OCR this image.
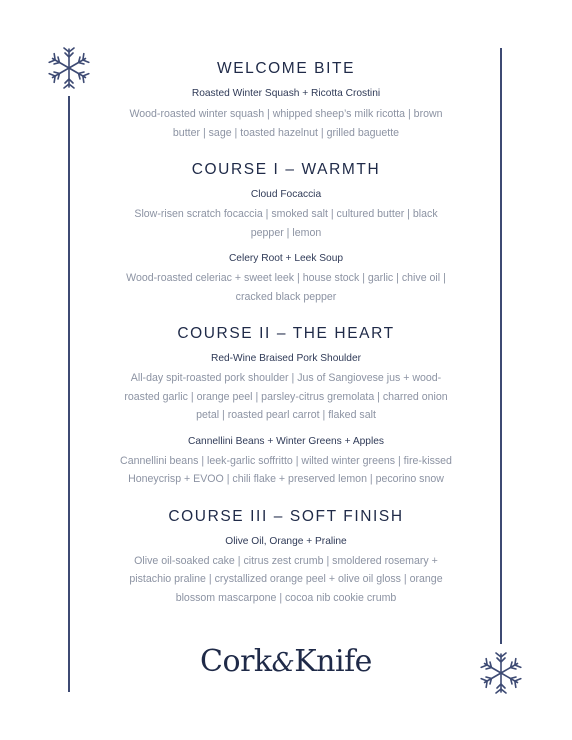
WELCOME BITE

Roasted Winter Squash + Ricotta Crostini

Wood-roasted winter squash | whipped sheep’s milk ricotta | brown

butter | sage | toasted hazelnut | grilled baguette

COURSE I – WARMTH

Cloud Focaccia

Slow-risen scratch focaccia | smoked salt | cultured butter | black

pepper | lemon

Celery Root + Leek Soup

Wood-roasted celeriac + sweet leek | house stock | garlic | chive oil |

cracked black pepper

COURSE II – THE HEART

Red-Wine Braised Pork Shoulder

All-day spit-roasted pork shoulder | Jus of Sangiovese jus + wood-

roasted garlic | orange peel | parsley-citrus gremolata | charred onion

petal | roasted pearl carrot | flaked salt

Cannellini Beans + Winter Greens + Apples

Cannellini beans | leek-garlic soffritto | wilted winter greens | fire-kissed

Honeycrisp + EVOO | chili flake + preserved lemon | pecorino snow

COURSE III – SOFT FINISH

Olive Oil, Orange + Praline

Olive oil-soaked cake | citrus zest crumb | smoldered rosemary +

pistachio praline | crystallized orange peel + olive oil gloss | orange

blossom mascarpone | cocoa nib cookie crumb

Cork&Knife
